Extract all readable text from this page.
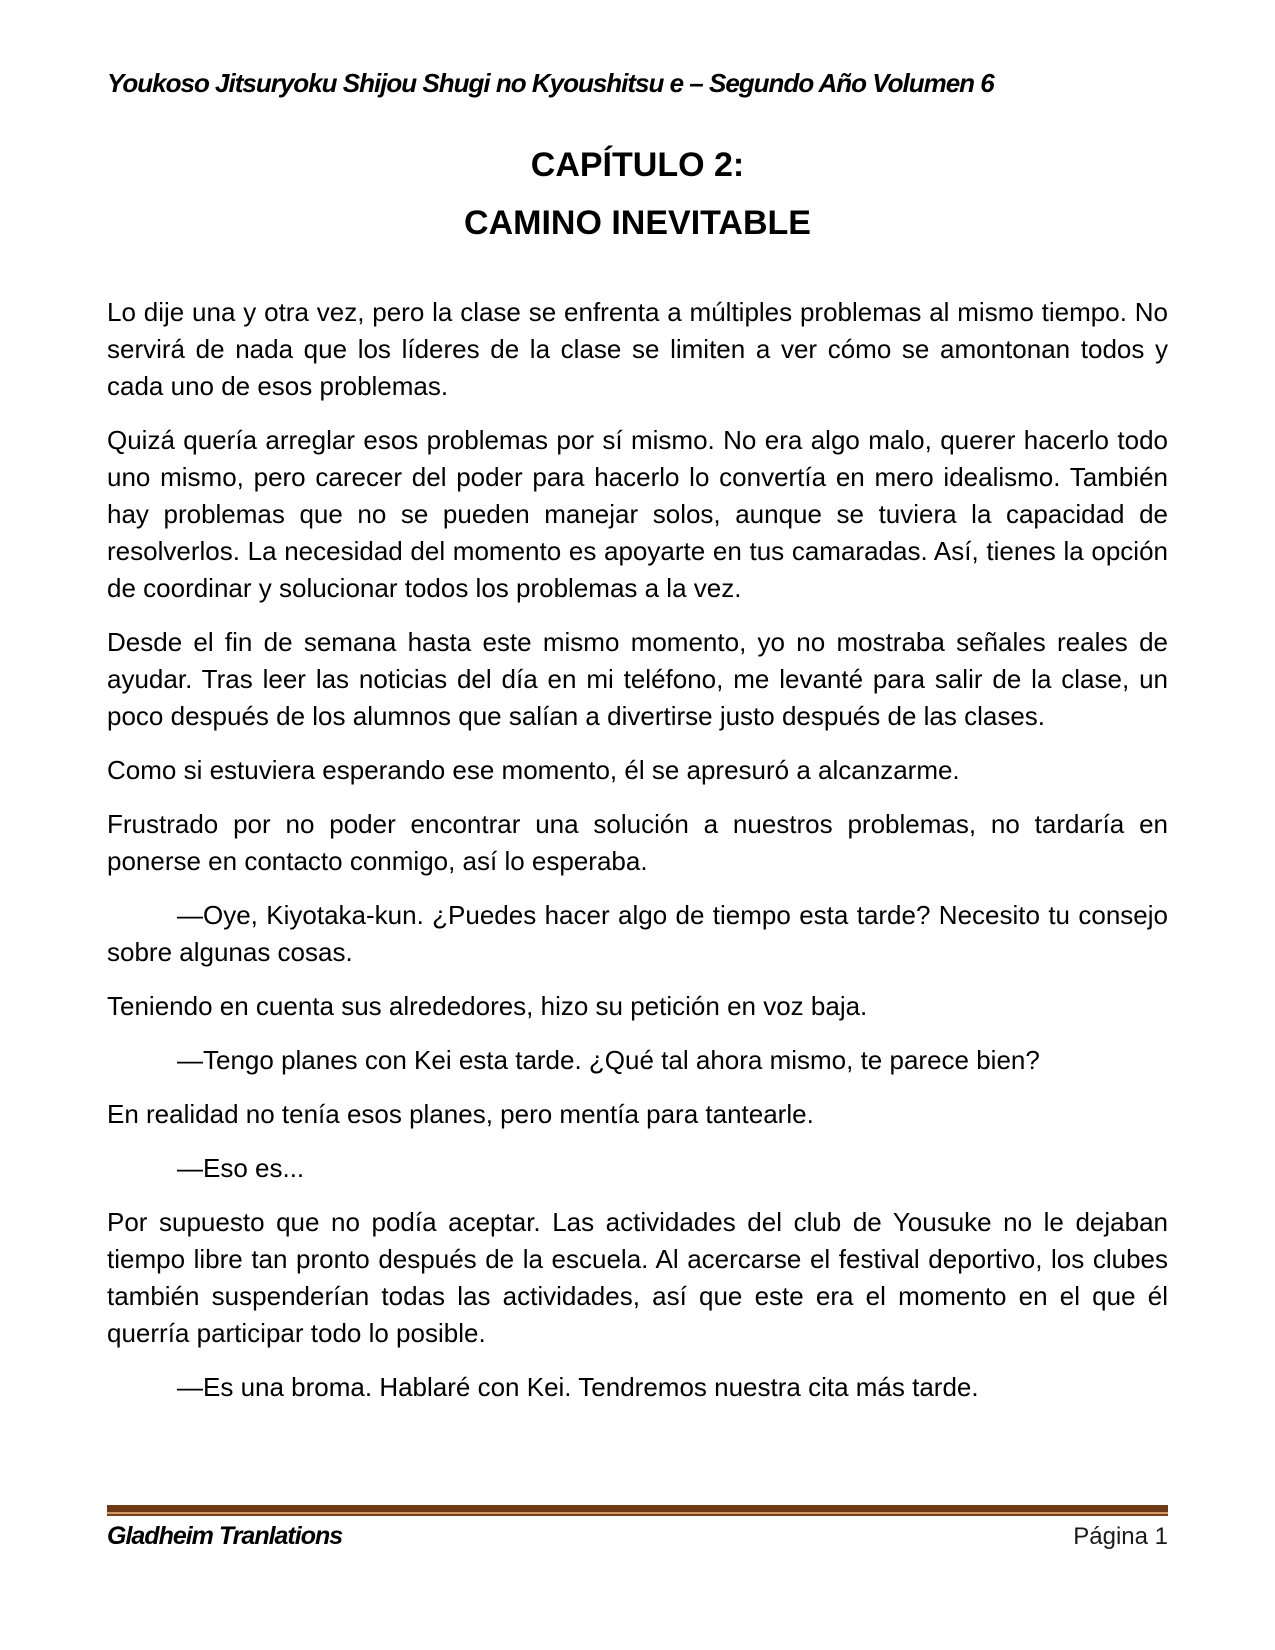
Youkoso Jitsuryoku Shijou Shugi no Kyoushitsu e – Segundo Año Volumen 6
CAPÍTULO 2:
CAMINO INEVITABLE

Lo dije una y otra vez, pero la clase se enfrenta a múltiples problemas al mismo tiempo. No servirá de nada que los líderes de la clase se limiten a ver cómo se amontonan todos y cada uno de esos problemas.

Quizá quería arreglar esos problemas por sí mismo. No era algo malo, querer hacerlo todo uno mismo, pero carecer del poder para hacerlo lo convertía en mero idealismo. También hay problemas que no se pueden manejar solos, aunque se tuviera la capacidad de resolverlos. La necesidad del momento es apoyarte en tus camaradas. Así, tienes la opción de coordinar y solucionar todos los problemas a la vez.

Desde el fin de semana hasta este mismo momento, yo no mostraba señales reales de ayudar. Tras leer las noticias del día en mi teléfono, me levanté para salir de la clase, un poco después de los alumnos que salían a divertirse justo después de las clases.

Como si estuviera esperando ese momento, él se apresuró a alcanzarme.

Frustrado por no poder encontrar una solución a nuestros problemas, no tardaría en ponerse en contacto conmigo, así lo esperaba.

—Oye, Kiyotaka-kun. ¿Puedes hacer algo de tiempo esta tarde? Necesito tu consejo sobre algunas cosas.

Teniendo en cuenta sus alrededores, hizo su petición en voz baja.

—Tengo planes con Kei esta tarde. ¿Qué tal ahora mismo, te parece bien?

En realidad no tenía esos planes, pero mentía para tantearle.

—Eso es...

Por supuesto que no podía aceptar. Las actividades del club de Yousuke no le dejaban tiempo libre tan pronto después de la escuela. Al acercarse el festival deportivo, los clubes también suspenderían todas las actividades, así que este era el momento en el que él querría participar todo lo posible.

—Es una broma. Hablaré con Kei. Tendremos nuestra cita más tarde.

Gladheim Tranlations	Página 1
